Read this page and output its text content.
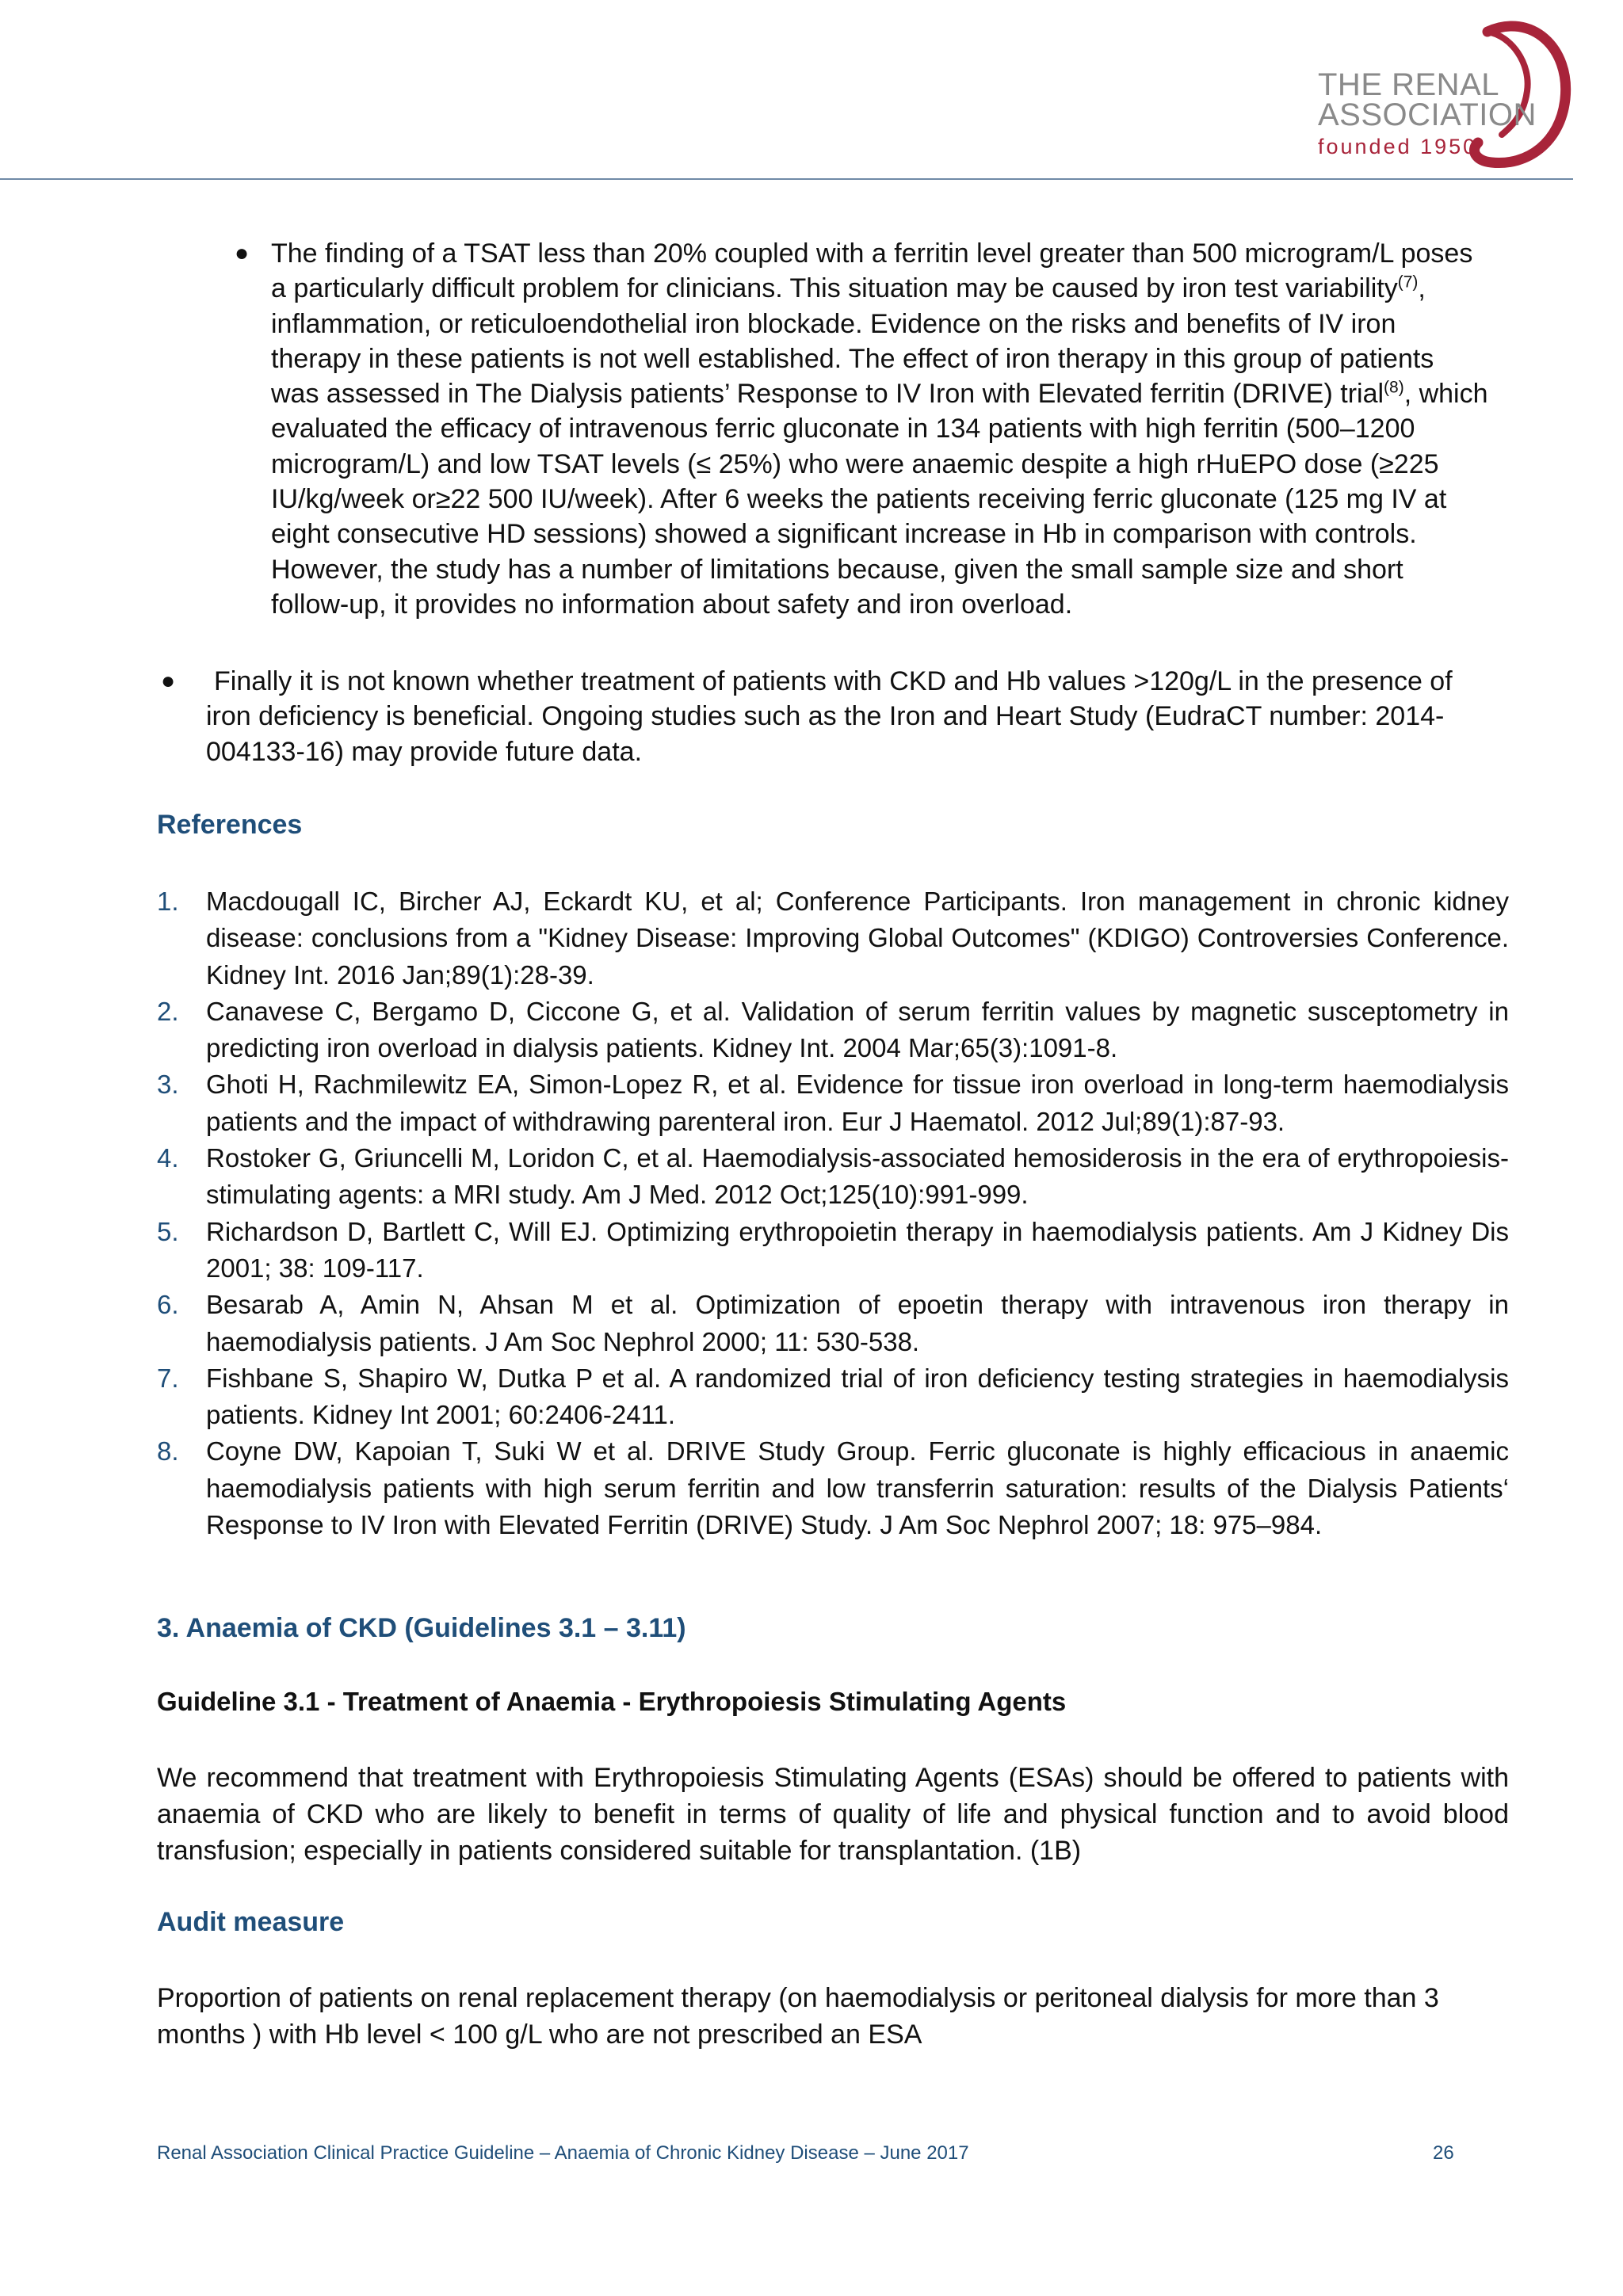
THE RENAL
ASSOCIATION
founded 1950
● The finding of a TSAT less than 20% coupled with a ferritin level greater than 500 microgram/L poses
a particularly difficult problem for clinicians. This situation may be caused by iron test variability$^{(7)}$,
inflammation, or reticuloendothelial iron blockade. Evidence on the risks and benefits of IV iron
therapy in these patients is not well established. The effect of iron therapy in this group of patients
was assessed in The Dialysis patients’ Response to IV Iron with Elevated ferritin (DRIVE) trial$^{(8)}$, which
evaluated the efficacy of intravenous ferric gluconate in 134 patients with high ferritin (500–1200
microgram/L) and low TSAT levels (≤ 25%) who were anaemic despite a high rHuEPO dose (≥225
IU/kg/week or≥22 500 IU/week). After 6 weeks the patients receiving ferric gluconate (125 mg IV at
eight consecutive HD sessions) showed a significant increase in Hb in comparison with controls.
However, the study has a number of limitations because, given the small sample size and short
follow-up, it provides no information about safety and iron overload.
● Finally it is not known whether treatment of patients with CKD and Hb values >120g/L in the presence of
iron deficiency is beneficial. Ongoing studies such as the Iron and Heart Study (EudraCT number: 2014-
004133-16) may provide future data.
References
1. Macdougall IC, Bircher AJ, Eckardt KU, et al; Conference Participants. Iron management in chronic kidney disease: conclusions from a "Kidney Disease: Improving Global Outcomes" (KDIGO) Controversies Conference. Kidney Int. 2016 Jan;89(1):28-39.
2. Canavese C, Bergamo D, Ciccone G, et al. Validation of serum ferritin values by magnetic susceptometry in predicting iron overload in dialysis patients. Kidney Int. 2004 Mar;65(3):1091-8.
3. Ghoti H, Rachmilewitz EA, Simon-Lopez R, et al. Evidence for tissue iron overload in long-term haemodialysis patients and the impact of withdrawing parenteral iron. Eur J Haematol. 2012 Jul;89(1):87-93.
4. Rostoker G, Griuncelli M, Loridon C, et al. Haemodialysis-associated hemosiderosis in the era of erythropoiesis-stimulating agents: a MRI study. Am J Med. 2012 Oct;125(10):991-999.
5. Richardson D, Bartlett C, Will EJ. Optimizing erythropoietin therapy in haemodialysis patients. Am J Kidney Dis 2001; 38: 109-117.
6. Besarab A, Amin N, Ahsan M et al. Optimization of epoetin therapy with intravenous iron therapy in haemodialysis patients. J Am Soc Nephrol 2000; 11: 530-538.
7. Fishbane S, Shapiro W, Dutka P et al. A randomized trial of iron deficiency testing strategies in haemodialysis patients. Kidney Int 2001; 60:2406-2411.
8. Coyne DW, Kapoian T, Suki W et al. DRIVE Study Group. Ferric gluconate is highly efficacious in anaemic haemodialysis patients with high serum ferritin and low transferrin saturation: results of the Dialysis Patients‘ Response to IV Iron with Elevated Ferritin (DRIVE) Study. J Am Soc Nephrol 2007; 18: 975–984.
3. Anaemia of CKD (Guidelines 3.1 – 3.11)
Guideline 3.1 - Treatment of Anaemia - Erythropoiesis Stimulating Agents
We recommend that treatment with Erythropoiesis Stimulating Agents (ESAs) should be offered to patients with anaemia of CKD who are likely to benefit in terms of quality of life and physical function and to avoid blood transfusion; especially in patients considered suitable for transplantation. (1B)
Audit measure
Proportion of patients on renal replacement therapy (on haemodialysis or peritoneal dialysis for more than 3
months ) with Hb level < 100 g/L who are not prescribed an ESA
Renal Association Clinical Practice Guideline – Anaemia of Chronic Kidney Disease – June 2017	26
